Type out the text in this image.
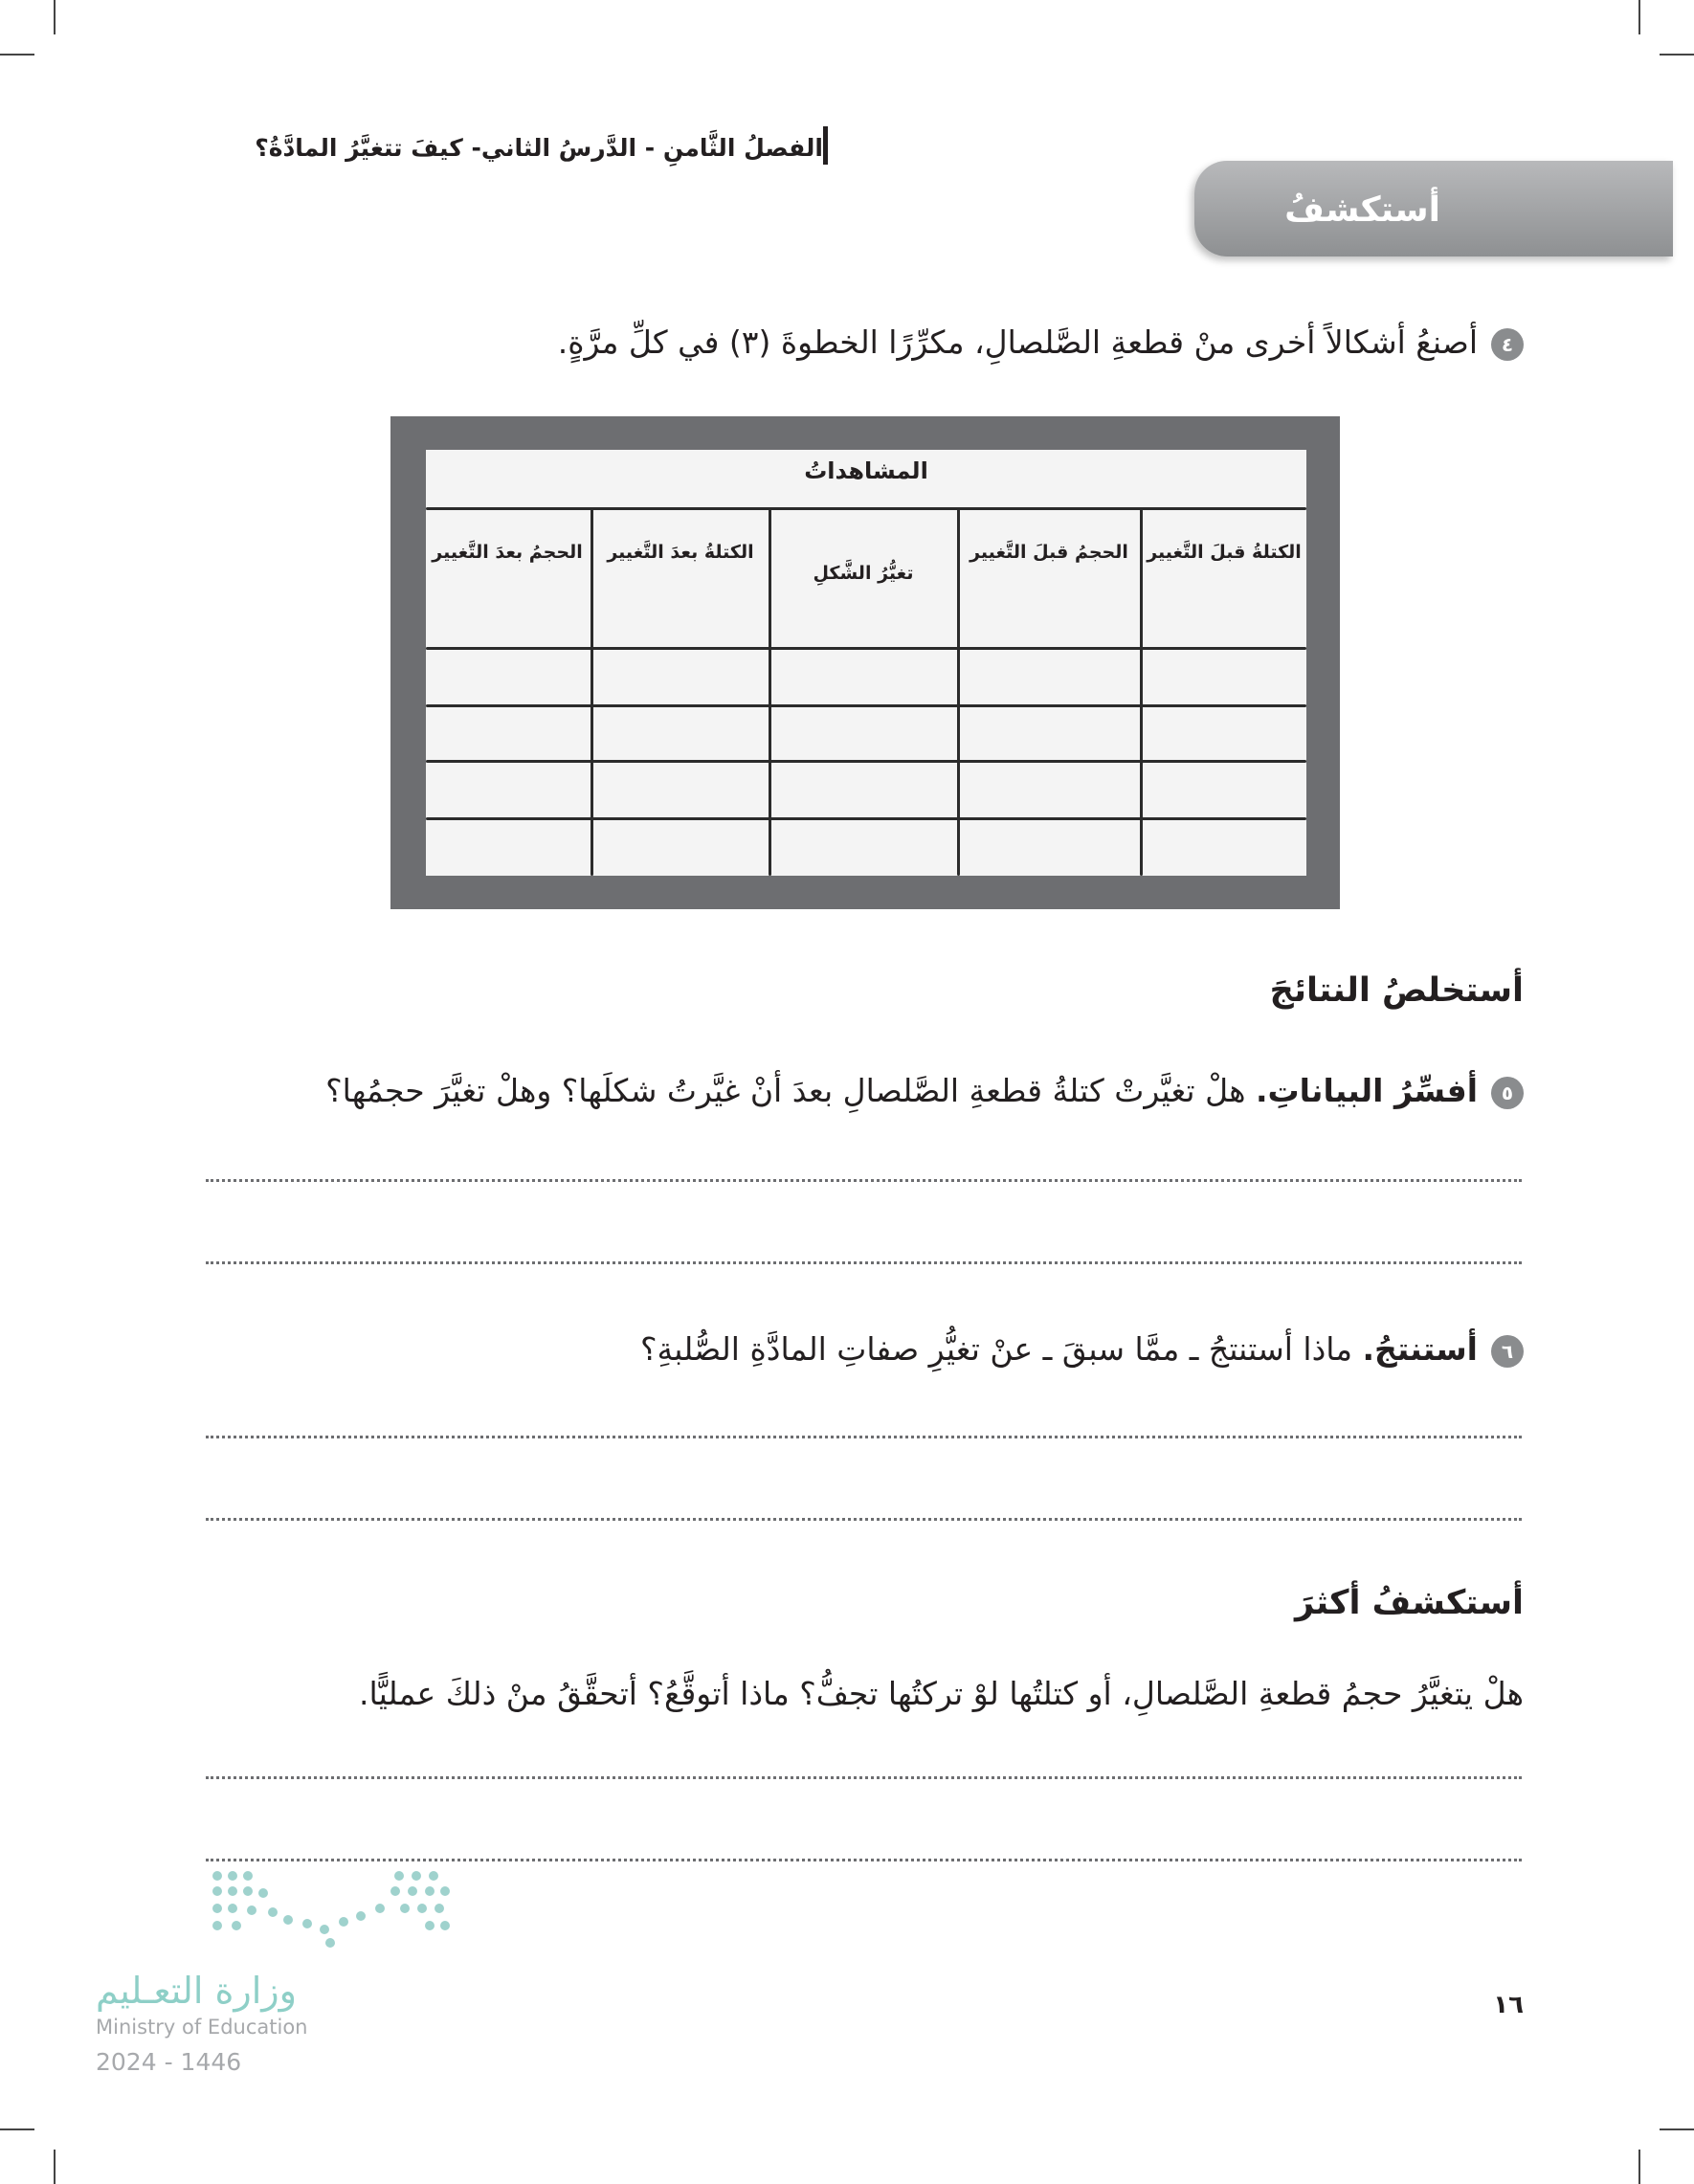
الفصلُ الثَّامنِ - الدَّرسُ الثاني- كيفَ تتغيَّرُ المادَّةُ؟
أستكشفُ
٤أصنعُ أشكالاً أخرى منْ قطعةِ الصَّلصالِ، مكرِّرًا الخطوةَ (٣) في كلِّ مرَّةٍ.
المشاهداتُ
الكتلةُ قبلَ التَّغيير
الحجمُ قبلَ التَّغيير
تغيُّرُ الشَّكلِ
الكتلةُ بعدَ التَّغيير
الحجمُ بعدَ التَّغيير
أستخلصُ النتائجَ
٥أفسِّرُ البياناتِ. هلْ تغيَّرتْ كتلةُ قطعةِ الصَّلصالِ بعدَ أنْ غيَّرتُ شكلَها؟ وهلْ تغيَّرَ حجمُها؟
٦أستنتجُ. ماذا أستنتجُ ـ ممَّا سبقَ ـ عنْ تغيُّرِ صفاتِ المادَّةِ الصُّلبةِ؟
أستكشفُ أكثرَ
هلْ يتغيَّرُ حجمُ قطعةِ الصَّلصالِ، أو كتلتُها لوْ تركتُها تجفُّ؟ ماذا أتوقَّعُ؟ أتحقَّقُ منْ ذلكَ عمليًّا.
وزارة التعـليم
Ministry of Education
2024 - 1446
١٦
